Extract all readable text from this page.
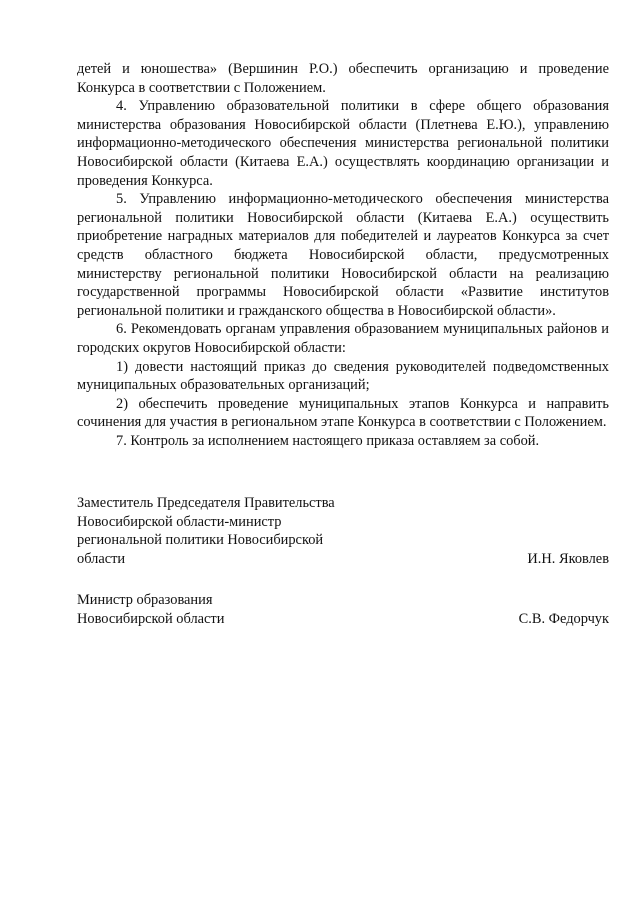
детей и юношества» (Вершинин Р.О.) обеспечить организацию и проведение Конкурса в соответствии с Положением.

4. Управлению образовательной политики в сфере общего образования министерства образования Новосибирской области (Плетнева Е.Ю.), управлению информационно-методического обеспечения министерства региональной политики Новосибирской области (Китаева Е.А.) осуществлять координацию организации и проведения Конкурса.

5. Управлению информационно-методического обеспечения министерства региональной политики Новосибирской области (Китаева Е.А.) осуществить приобретение наградных материалов для победителей и лауреатов Конкурса за счет средств областного бюджета Новосибирской области, предусмотренных министерству региональной политики Новосибирской области на реализацию государственной программы Новосибирской области «Развитие институтов региональной политики и гражданского общества в Новосибирской области».

6. Рекомендовать органам управления образованием муниципальных районов и городских округов Новосибирской области:

1) довести настоящий приказ до сведения руководителей подведомственных муниципальных образовательных организаций;

2) обеспечить проведение муниципальных этапов Конкурса и направить сочинения для участия в региональном этапе Конкурса в соответствии с Положением.

7. Контроль за исполнением настоящего приказа оставляем за собой.

Заместитель Председателя Правительства
Новосибирской области-министр
региональной политики Новосибирской
области	И.Н. Яковлев
Министр образования
Новосибирской области	С.В. Федорчук
